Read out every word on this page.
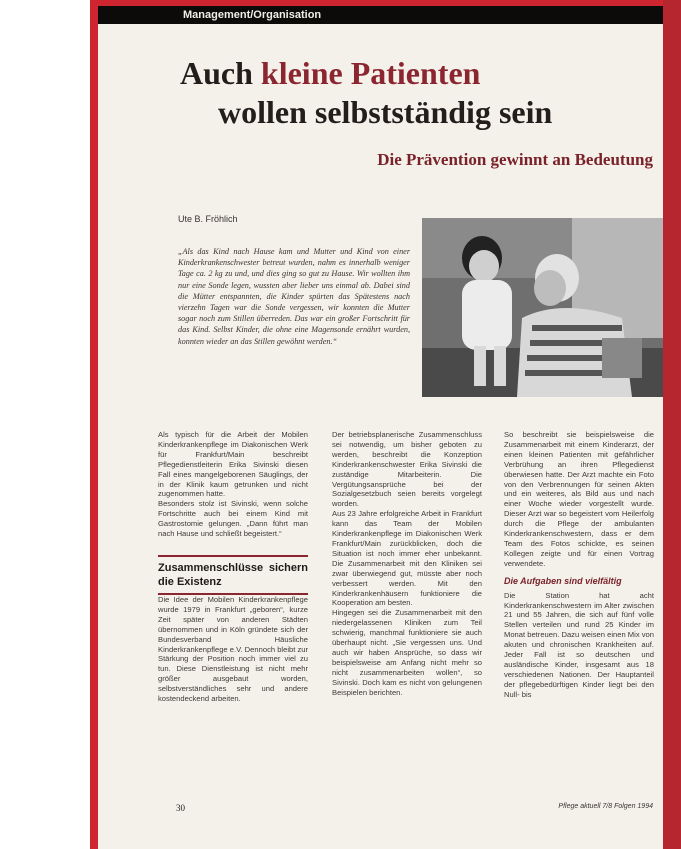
Management/Organisation
Auch kleine Patienten
wollen selbstständig sein
Die Prävention gewinnt an Bedeutung
Ute B. Fröhlich
„Als das Kind nach Hause kam und Mutter und Kind von einer Kinderkrankenschwester betreut wurden, nahm es innerhalb weniger Tage ca. 2 kg zu und, und dies ging so gut zu Hause. Wir wollten ihm nur eine Sonde legen, wussten aber lieber uns einmal ab. Dabei sind die Mütter entspannten, die Kinder spürten das Spätestens nach vierzehn Tagen war die Sonde vergessen, wir konnten die Mutter sogar noch zum Stillen überreden. Das war ein großer Fortschritt für das Kind. Selbst Kinder, die ohne eine Magensonde ernährt wurden, konnten wieder an das Stillen gewöhnt werden.“

Als typisch für die Arbeit der Mobilen Kinderkrankenpflege im Diakonischen Werk für Frankfurt/Main beschreibt Pflegedienstleiterin Erika Sivinski diesen Fall eines mangelgeborenen Säuglings, der in der Klinik kaum getrunken und nicht zugenommen hatte.

Besonders stolz ist Sivinski, wenn solche Fortschritte auch bei einem Kind mit Gastrostomie gelungen. „Dann führt man nach Hause und schließt begeistert.“

Zusammenschlüsse sichern die Existenz

Die Idee der Mobilen Kinderkrankenpflege wurde 1979 in Frankfurt „geboren“, kurze Zeit später von anderen Städten übernommen und in Köln gründete sich der Bundesverband Häusliche Kinderkrankenpflege e.V. Dennoch bleibt zur Stärkung der Position noch immer viel zu tun. Diese Dienstleistung ist nicht mehr größer ausgebaut worden, selbstverständliches sehr und andere kostendeckend arbeiten.

Der betriebsplanerische Zusammenschluss sei notwendig, um bisher geboten zu werden, beschreibt die Konzeption Kinderkrankenschwester Erika Sivinski die zuständige Mitarbeiterin. Die Vergütungsansprüche bei der Sozialgesetzbuch seien bereits vorgelegt worden.

Aus 23 Jahre erfolgreiche Arbeit in Frankfurt kann das Team der Mobilen Kinderkrankenpflege im Diakonischen Werk Frankfurt/Main zurückblicken, doch die Situation ist noch immer eher unbekannt. Die Zusammenarbeit mit den Kliniken sei zwar überwiegend gut, müsste aber noch verbessert werden. Mit den Kinderkrankenhäusern funktioniere die Kooperation am besten.

Hingegen sei die Zusammenarbeit mit den niedergelassenen Kliniken zum Teil schwierig, manchmal funktioniere sie auch überhaupt nicht. „Sie vergessen uns. Und auch wir haben Ansprüche, so dass wir beispielsweise am Anfang nicht mehr so nicht zusammenarbeiten wollen“, so Sivinski. Doch kam es nicht von gelungenen Beispielen berichten.

So beschreibt sie beispielsweise die Zusammenarbeit mit einem Kinderarzt, der einen kleinen Patienten mit gefährlicher Verbrühung an ihren Pflegedienst überwiesen hatte. Der Arzt machte ein Foto von den Verbrennungen für seinen Akten und ein weiteres, als Bild aus und nach einer Woche wieder vorgestellt wurde. Dieser Arzt war so begeistert vom Heilerfolg durch die Pflege der ambulanten Kinderkrankenschwestern, dass er dem Team des Fotos schickte, es seinen Kollegen zeigte und für einen Vortrag verwendete.

Die Aufgaben sind vielfältig

Die Station hat acht Kinderkrankenschwestern im Alter zwischen 21 und 55 Jahren, die sich auf fünf volle Stellen verteilen und rund 25 Kinder im Monat betreuen. Dazu weisen einen Mix von akuten und chronischen Krankheiten auf. Jeder Fall ist so deutschen und ausländische Kinder, insgesamt aus 18 verschiedenen Nationen. Der Hauptanteil der pflegebedürftigen Kinder liegt bei den Null- bis

30	Pflege aktuell 7/8 Folgen 1994
